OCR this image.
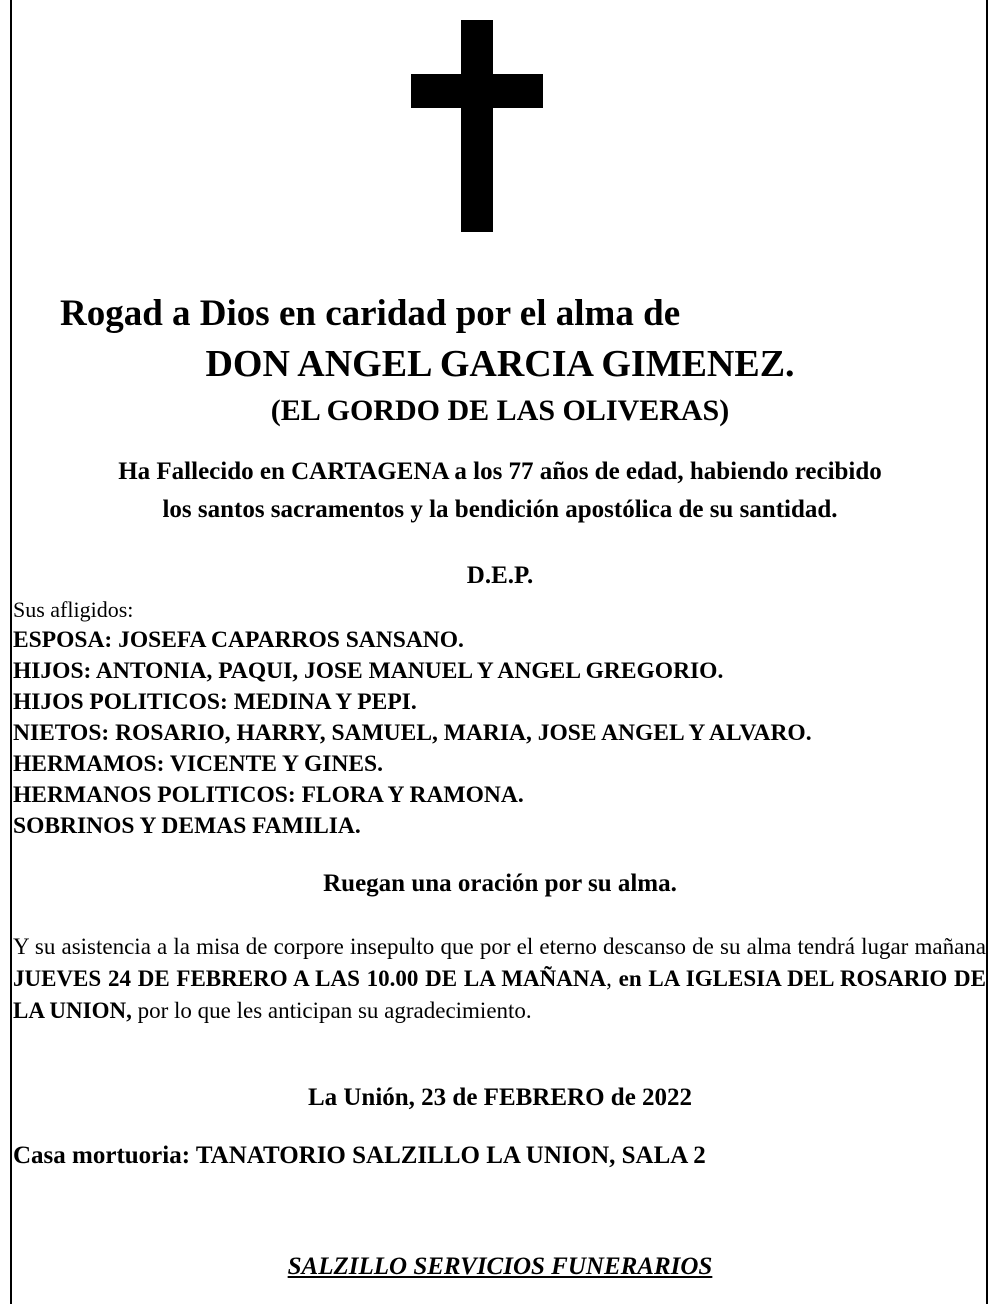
Rogad a Dios en caridad por el alma de

DON ANGEL GARCIA GIMENEZ.

(EL GORDO DE LAS OLIVERAS)

Ha Fallecido en CARTAGENA a los 77 años de edad, habiendo recibido

los santos sacramentos y la bendición apostólica de su santidad.

D.E.P.

Sus afligidos:
ESPOSA: JOSEFA CAPARROS SANSANO.
HIJOS: ANTONIA, PAQUI, JOSE MANUEL Y ANGEL GREGORIO.
HIJOS POLITICOS: MEDINA Y PEPI.
NIETOS: ROSARIO, HARRY, SAMUEL, MARIA, JOSE ANGEL Y ALVARO.
HERMAMOS: VICENTE Y GINES.
HERMANOS POLITICOS: FLORA Y RAMONA.
SOBRINOS Y DEMAS FAMILIA.

Ruegan una oración por su alma.

Y su asistencia a la misa de corpore insepulto que por el eterno descanso de su alma tendrá lugar mañana JUEVES 24 DE FEBRERO A LAS 10.00 DE LA MAÑANA, en LA IGLESIA DEL ROSARIO DE LA UNION, por lo que les anticipan su agradecimiento.

La Unión, 23 de FEBRERO de 2022

Casa mortuoria: TANATORIO SALZILLO LA UNION, SALA 2

SALZILLO SERVICIOS FUNERARIOS
